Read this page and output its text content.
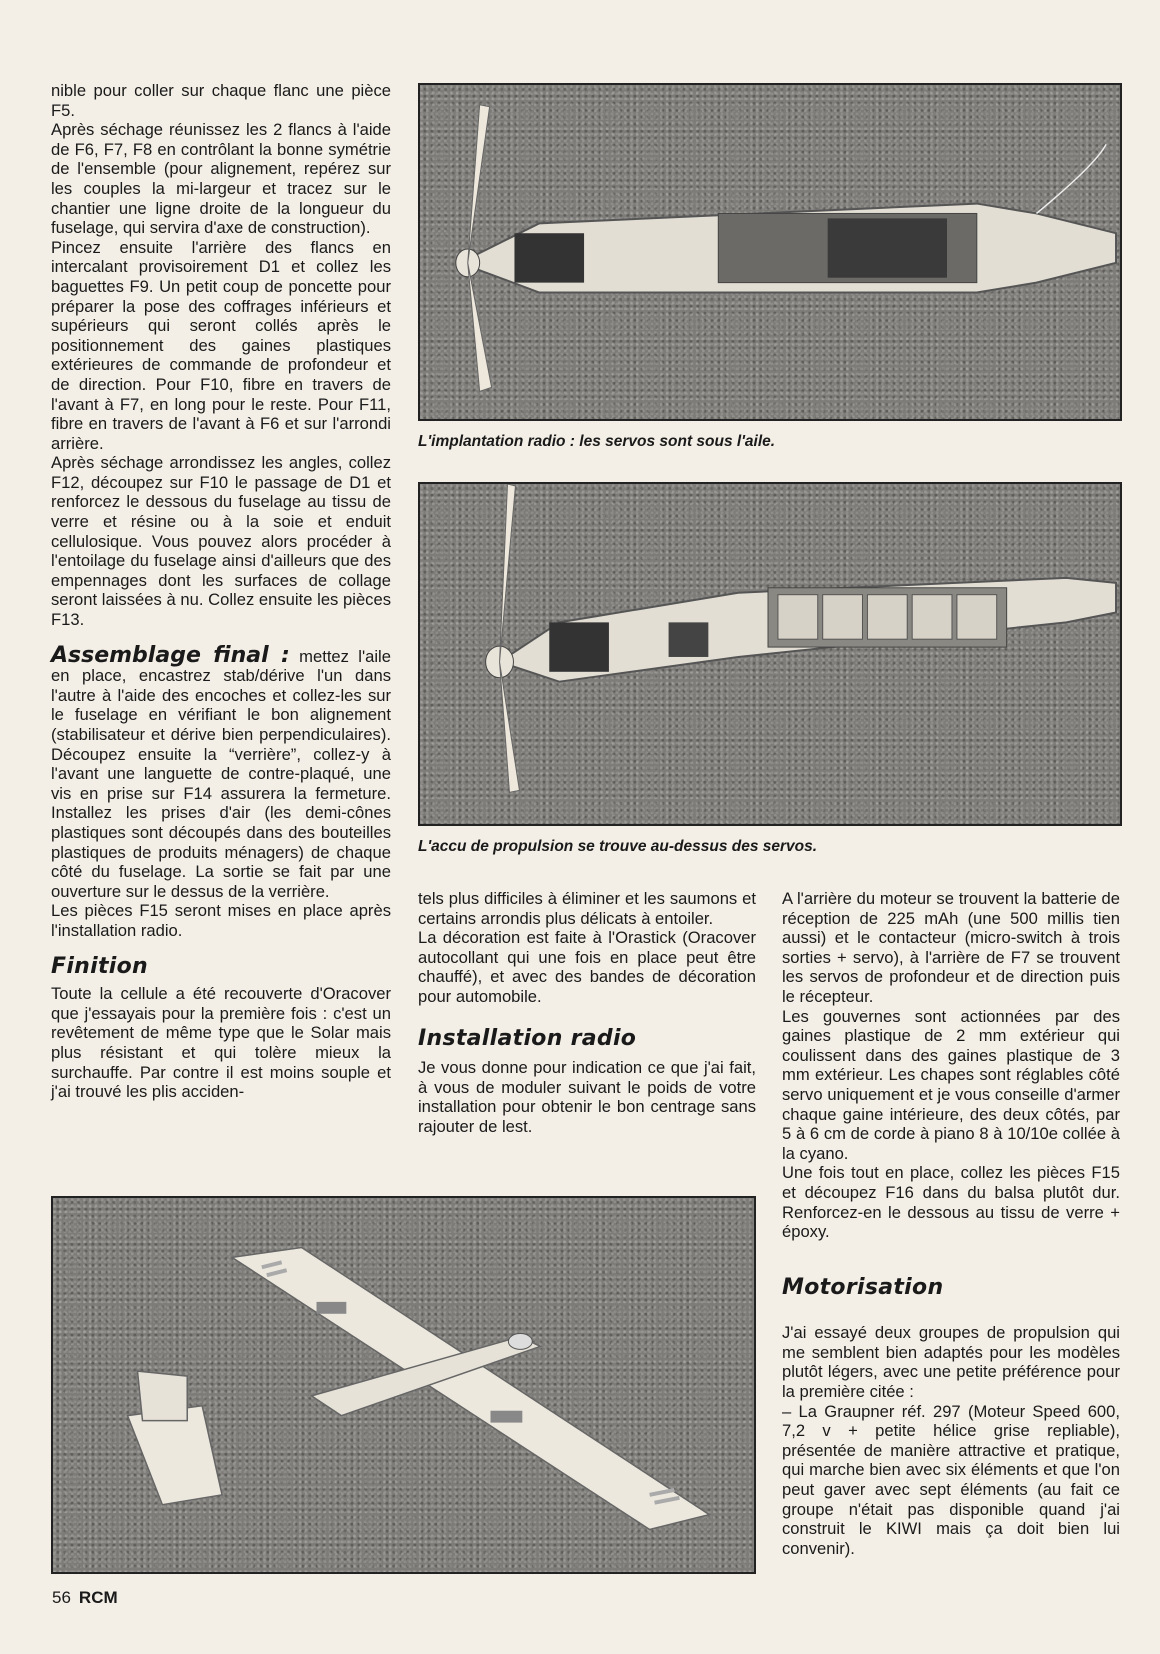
nible pour coller sur chaque flanc une pièce F5.

Après séchage réunissez les 2 flancs à l'aide de F6, F7, F8 en contrôlant la bonne symétrie de l'ensemble (pour alignement, repérez sur les couples la mi-largeur et tracez sur le chantier une ligne droite de la longueur du fuselage, qui servira d'axe de construction).

Pincez ensuite l'arrière des flancs en intercalant provisoirement D1 et collez les baguettes F9. Un petit coup de poncette pour préparer la pose des coffrages inférieurs et supérieurs qui seront collés après le positionnement des gaines plastiques extérieures de commande de profondeur et de direction. Pour F10, fibre en travers de l'avant à F7, en long pour le reste. Pour F11, fibre en travers de l'avant à F6 et sur l'arrondi arrière.

Après séchage arrondissez les angles, collez F12, découpez sur F10 le passage de D1 et renforcez le dessous du fuselage au tissu de verre et résine ou à la soie et enduit cellulosique. Vous pouvez alors procéder à l'entoilage du fuselage ainsi d'ailleurs que des empennages dont les surfaces de collage seront laissées à nu. Collez ensuite les pièces F13.

Assemblage final : mettez l'aile en place, encastrez stab/dérive l'un dans l'autre à l'aide des encoches et collez-les sur le fuselage en vérifiant le bon alignement (stabilisateur et dérive bien perpendiculaires). Découpez ensuite la “verrière”, collez-y à l'avant une languette de contre-plaqué, une vis en prise sur F14 assurera la fermeture. Installez les prises d'air (les demi-cônes plastiques sont découpés dans des bouteilles plastiques de produits ménagers) de chaque côté du fuselage. La sortie se fait par une ouverture sur le dessus de la verrière.

Les pièces F15 seront mises en place après l'installation radio.

Finition

Toute la cellule a été recouverte d'Oracover que j'essayais pour la première fois : c'est un revêtement de même type que le Solar mais plus résistant et qui tolère mieux la surchauffe. Par contre il est moins souple et j'ai trouvé les plis acciden-

L'implantation radio : les servos sont sous l'aile.

L'accu de propulsion se trouve au-dessus des servos.

tels plus difficiles à éliminer et les saumons et certains arrondis plus délicats à entoiler.

La décoration est faite à l'Orastick (Oracover autocollant qui une fois en place peut être chauffé), et avec des bandes de décoration pour automobile.

Installation radio

Je vous donne pour indication ce que j'ai fait, à vous de moduler suivant le poids de votre installation pour obtenir le bon centrage sans rajouter de lest.

A l'arrière du moteur se trouvent la batterie de réception de 225 mAh (une 500 millis tien aussi) et le contacteur (micro-switch à trois sorties + servo), à l'arrière de F7 se trouvent les servos de profondeur et de direction puis le récepteur.

Les gouvernes sont actionnées par des gaines plastique de 2 mm extérieur qui coulissent dans des gaines plastique de 3 mm extérieur. Les chapes sont réglables côté servo uniquement et je vous conseille d'armer chaque gaine intérieure, des deux côtés, par 5 à 6 cm de corde à piano 8 à 10/10e collée à la cyano.

Une fois tout en place, collez les pièces F15 et découpez F16 dans du balsa plutôt dur. Renforcez-en le dessous au tissu de verre + époxy.

Motorisation

J'ai essayé deux groupes de propulsion qui me semblent bien adaptés pour les modèles plutôt légers, avec une petite préférence pour la première citée :

– La Graupner réf. 297 (Moteur Speed 600, 7,2 v + petite hélice grise repliable), présentée de manière attractive et pratique, qui marche bien avec six éléments et que l'on peut gaver avec sept éléments (au fait ce groupe n'était pas disponible quand j'ai construit le KIWI mais ça doit bien lui convenir).

56 RCM
